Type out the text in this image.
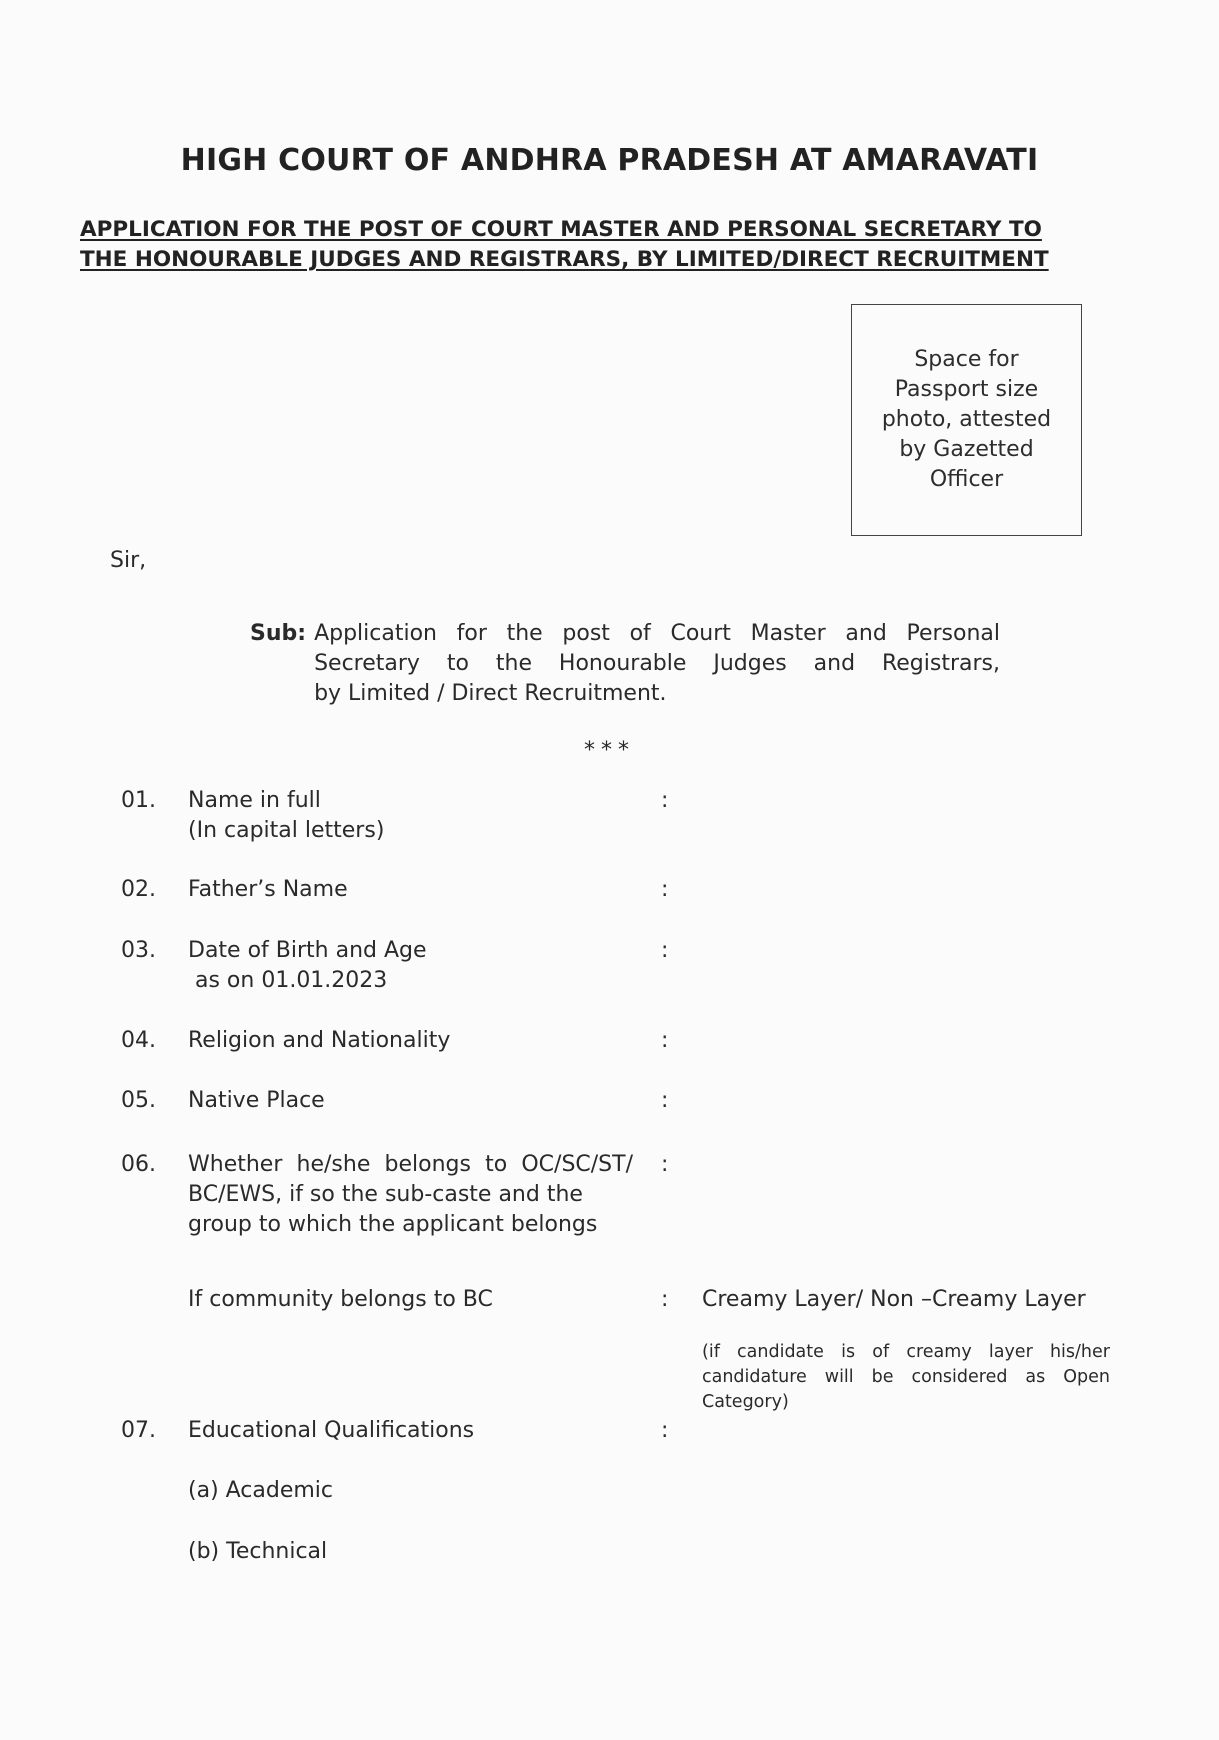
HIGH COURT OF ANDHRA PRADESH AT AMARAVATI
APPLICATION FOR THE POST OF COURT MASTER AND PERSONAL SECRETARY TO
THE HONOURABLE JUDGES AND REGISTRARS, BY LIMITED/DIRECT RECRUITMENT
Space for Passport size photo, attested by Gazetted Officer
Sir,
Sub: Application for the post of Court Master and Personal
Secretary to the Honourable Judges and Registrars,
by Limited / Direct Recruitment.
***
01. Name in full
(In capital letters)
:
02. Father’s Name	:
03. Date of Birth and Age
as on 01.01.2023
:
04. Religion and Nationality	:
05. Native Place	:
06. Whether he/she belongs to OC/SC/ST/
BC/EWS, if so the sub-caste and the
group to which the applicant belongs
:
If community belongs to BC	: Creamy Layer/ Non –Creamy Layer
(if candidate is of creamy layer his/her
candidature will be considered as Open
Category)
07. Educational Qualifications	:
(a) Academic
(b) Technical
